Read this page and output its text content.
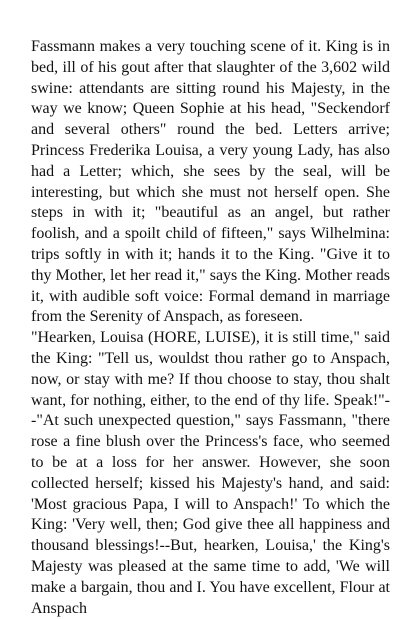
Fassmann makes a very touching scene of it. King is in bed, ill of his gout after that slaughter of the 3,602 wild swine: attendants are sitting round his Majesty, in the way we know; Queen Sophie at his head, "Seckendorf and several others" round the bed. Letters arrive; Princess Frederika Louisa, a very young Lady, has also had a Letter; which, she sees by the seal, will be interesting, but which she must not herself open. She steps in with it; "beautiful as an angel, but rather foolish, and a spoilt child of fifteen," says Wilhelmina: trips softly in with it; hands it to the King. "Give it to thy Mother, let her read it," says the King. Mother reads it, with audible soft voice: Formal demand in marriage from the Serenity of Anspach, as foreseen.

"Hearken, Louisa (HORE, LUISE), it is still time," said the King: "Tell us, wouldst thou rather go to Anspach, now, or stay with me? If thou choose to stay, thou shalt want, for nothing, either, to the end of thy life. Speak!"--"At such unexpected question," says Fassmann, "there rose a fine blush over the Princess's face, who seemed to be at a loss for her answer. However, she soon collected herself; kissed his Majesty's hand, and said: 'Most gracious Papa, I will to Anspach!' To which the King: 'Very well, then; God give thee all happiness and thousand blessings!--But, hearken, Louisa,' the King's Majesty was pleased at the same time to add, 'We will make a bargain, thou and I. You have excellent, Flour at Anspach
